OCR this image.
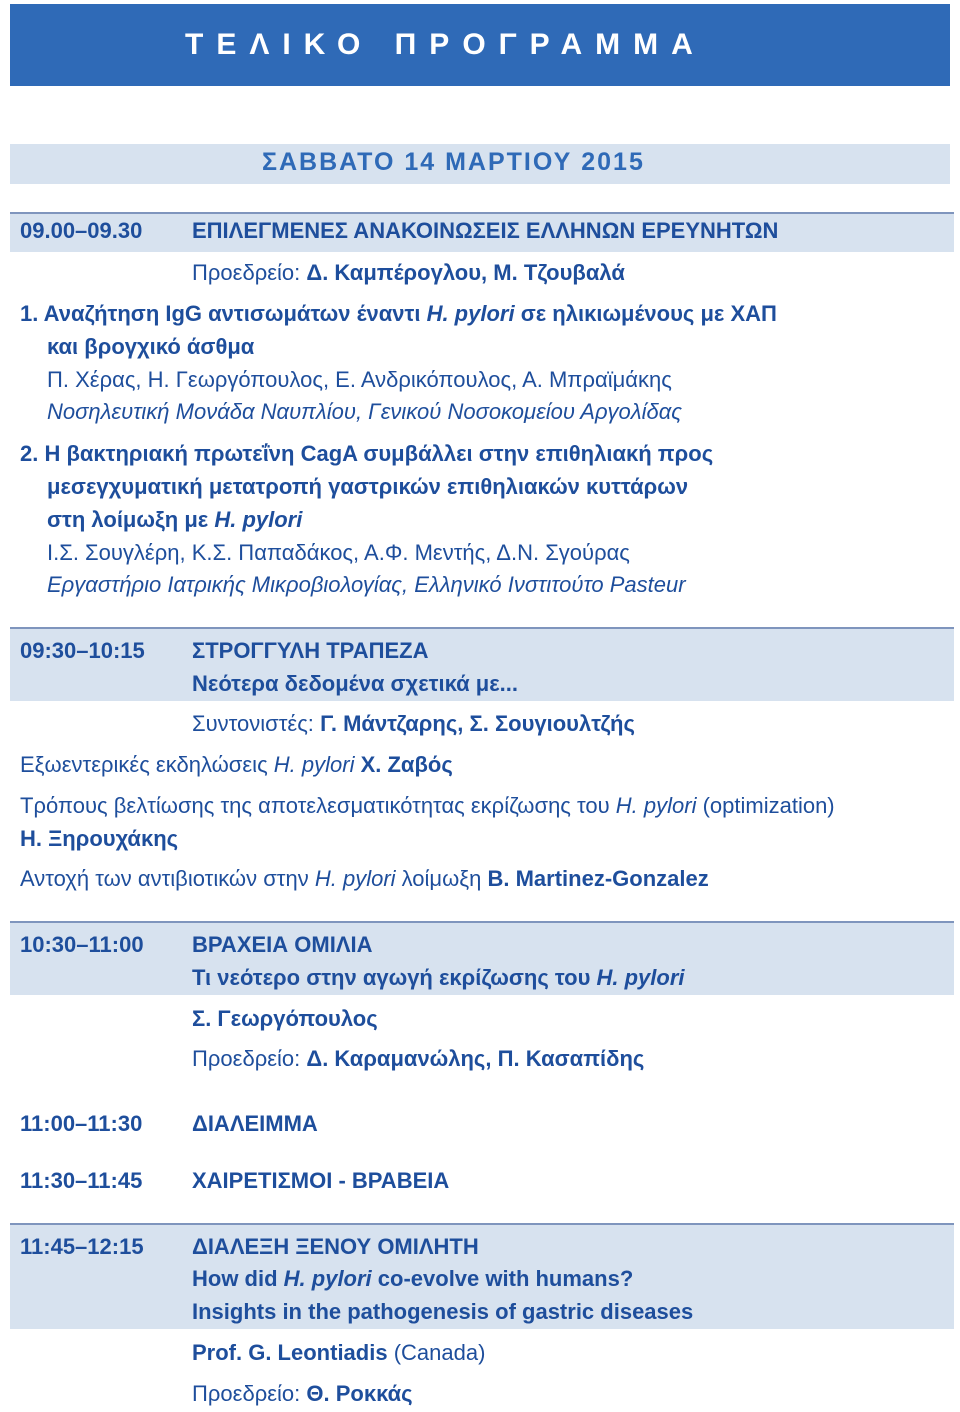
ΤΕΛΙΚΟ ΠΡΟΓΡΑΜΜΑ
ΣΑΒΒΑΤΟ 14 ΜΑΡΤΙΟΥ 2015
09.00–09.30 ΕΠΙΛΕΓΜΕΝΕΣ ΑΝΑΚΟΙΝΩΣΕΙΣ ΕΛΛΗΝΩΝ ΕΡΕΥΝΗΤΩΝ
Προεδρείο: Δ. Καμπέρογλου, Μ. Τζουβαλά
1. Αναζήτηση IgG αντισωμάτων έναντι H. pylori σε ηλικιωμένους με ΧΑΠ
και βρογχικό άσθμα
Π. Χέρας, Η. Γεωργόπουλος, Ε. Ανδρικόπουλος, Α. Μπραϊμάκης
Νοσηλευτική Μονάδα Ναυπλίου, Γενικού Νοσοκομείου Αργολίδας
2. Η βακτηριακή πρωτεΐνη CagA συμβάλλει στην επιθηλιακή προς
μεσεγχυματική μετατροπή γαστρικών επιθηλιακών κυττάρων
στη λοίμωξη με H. pylori
Ι.Σ. Σουγλέρη, Κ.Σ. Παπαδάκος, Α.Φ. Μεντής, Δ.Ν. Σγούρας
Εργαστήριο Ιατρικής Μικροβιολογίας, Ελληνικό Ινστιτούτο Pasteur
09:30–10:15 ΣΤΡΟΓΓΥΛΗ ΤΡΑΠΕΖΑ
Νεότερα δεδομένα σχετικά με...
Συντονιστές: Γ. Μάντζαρης, Σ. Σουγιουλτζής
Εξωεντερικές εκδηλώσεις H. pylori Χ. Ζαβός
Τρόπους βελτίωσης της αποτελεσματικότητας εκρίζωσης του H. pylori (optimization)
Η. Ξηρουχάκης
Αντοχή των αντιβιοτικών στην H. pylori λοίμωξη B. Martinez-Gonzalez
10:30–11:00 ΒΡΑΧΕΙΑ ΟΜΙΛΙΑ
Τι νεότερο στην αγωγή εκρίζωσης του H. pylori
Σ. Γεωργόπουλος
Προεδρείο: Δ. Καραμανώλης, Π. Κασαπίδης
11:00–11:30 ΔΙΑΛΕΙΜΜΑ
11:30–11:45 ΧΑΙΡΕΤΙΣΜΟΙ - ΒΡΑΒΕΙΑ
11:45–12:15 ΔΙΑΛΕΞΗ ΞΕΝΟΥ ΟΜΙΛΗΤΗ
How did H. pylori co-evolve with humans?
Insights in the pathogenesis of gastric diseases
Prof. G. Leontiadis (Canada)
Προεδρείο: Θ. Ροκκάς
